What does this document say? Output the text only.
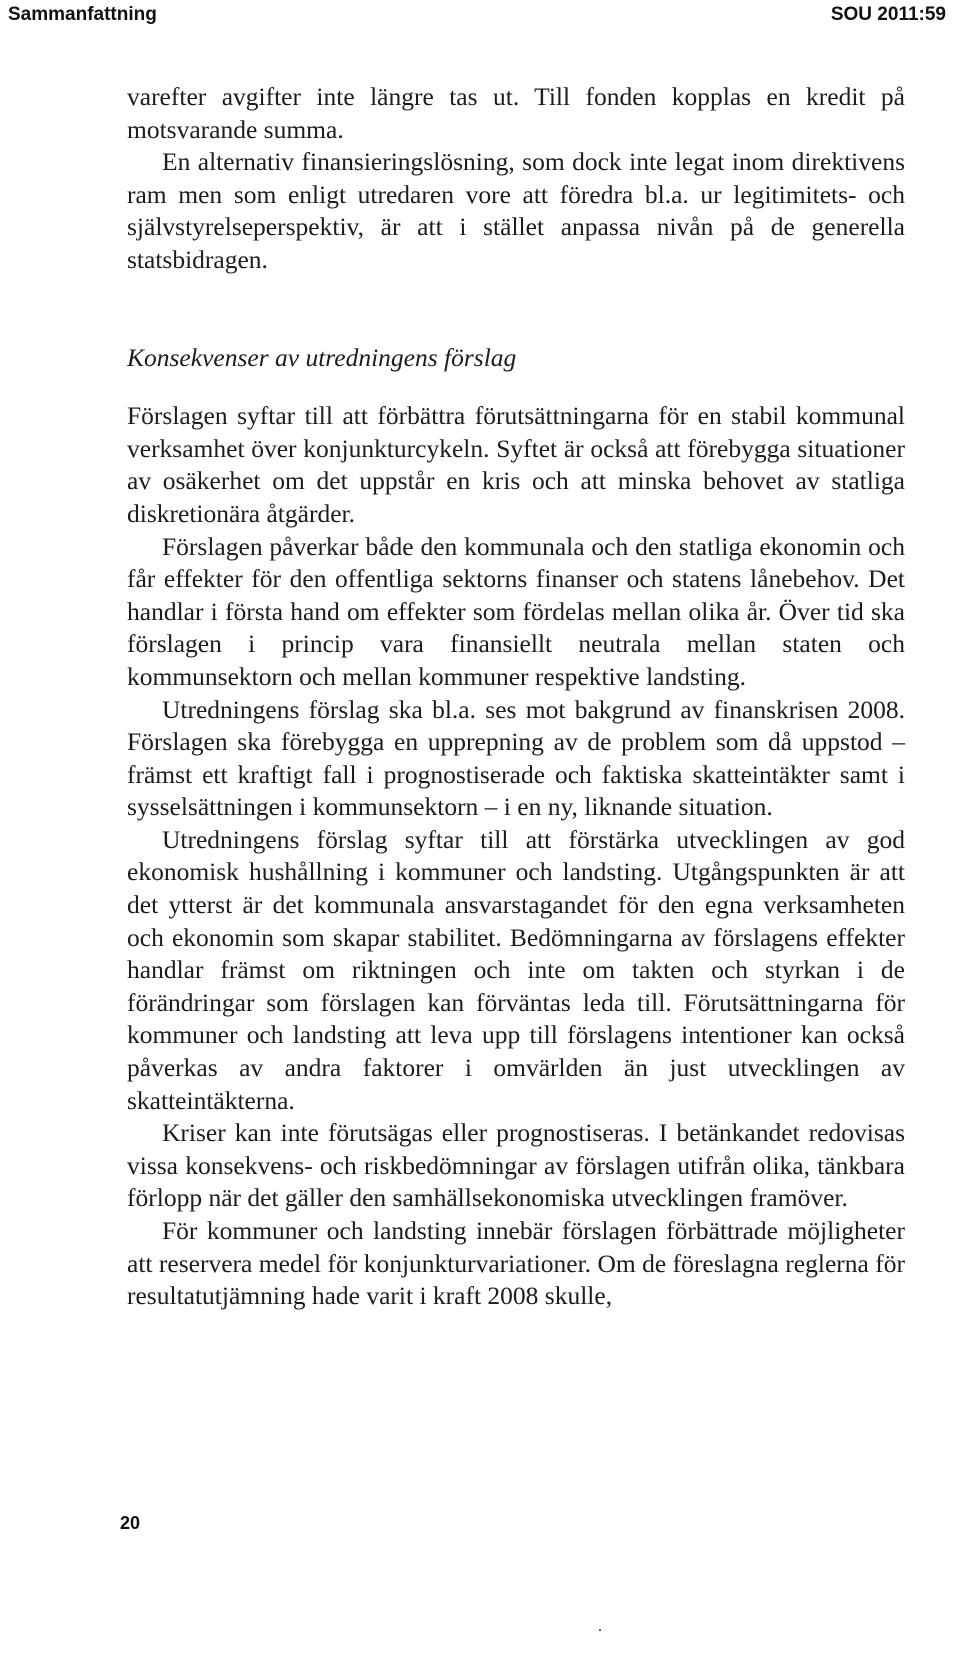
Sammanfattning	SOU 2011:59

varefter avgifter inte längre tas ut. Till fonden kopplas en kredit på motsvarande summa.

En alternativ finansieringslösning, som dock inte legat inom direktivens ram men som enligt utredaren vore att föredra bl.a. ur legitimitets- och självstyrelseperspektiv, är att i stället anpassa nivån på de generella statsbidragen.

Konsekvenser av utredningens förslag

Förslagen syftar till att förbättra förutsättningarna för en stabil kommunal verksamhet över konjunkturcykeln. Syftet är också att förebygga situationer av osäkerhet om det uppstår en kris och att minska behovet av statliga diskretionära åtgärder.

Förslagen påverkar både den kommunala och den statliga ekonomin och får effekter för den offentliga sektorns finanser och statens lånebehov. Det handlar i första hand om effekter som fördelas mellan olika år. Över tid ska förslagen i princip vara finansiellt neutrala mellan staten och kommunsektorn och mellan kommuner respektive landsting.

Utredningens förslag ska bl.a. ses mot bakgrund av finanskrisen 2008. Förslagen ska förebygga en upprepning av de problem som då uppstod – främst ett kraftigt fall i prognostiserade och faktiska skatteintäkter samt i sysselsättningen i kommunsektorn – i en ny, liknande situation.

Utredningens förslag syftar till att förstärka utvecklingen av god ekonomisk hushållning i kommuner och landsting. Utgångspunkten är att det ytterst är det kommunala ansvarstagandet för den egna verksamheten och ekonomin som skapar stabilitet. Bedömningarna av förslagens effekter handlar främst om riktningen och inte om takten och styrkan i de förändringar som förslagen kan förväntas leda till. Förutsättningarna för kommuner och landsting att leva upp till förslagens intentioner kan också påverkas av andra faktorer i omvärlden än just utvecklingen av skatteintäkterna.

Kriser kan inte förutsägas eller prognostiseras. I betänkandet redovisas vissa konsekvens- och riskbedömningar av förslagen utifrån olika, tänkbara förlopp när det gäller den samhällsekonomiska utvecklingen framöver.

För kommuner och landsting innebär förslagen förbättrade möjligheter att reservera medel för konjunkturvariationer. Om de föreslagna reglerna för resultatutjämning hade varit i kraft 2008 skulle,

20
